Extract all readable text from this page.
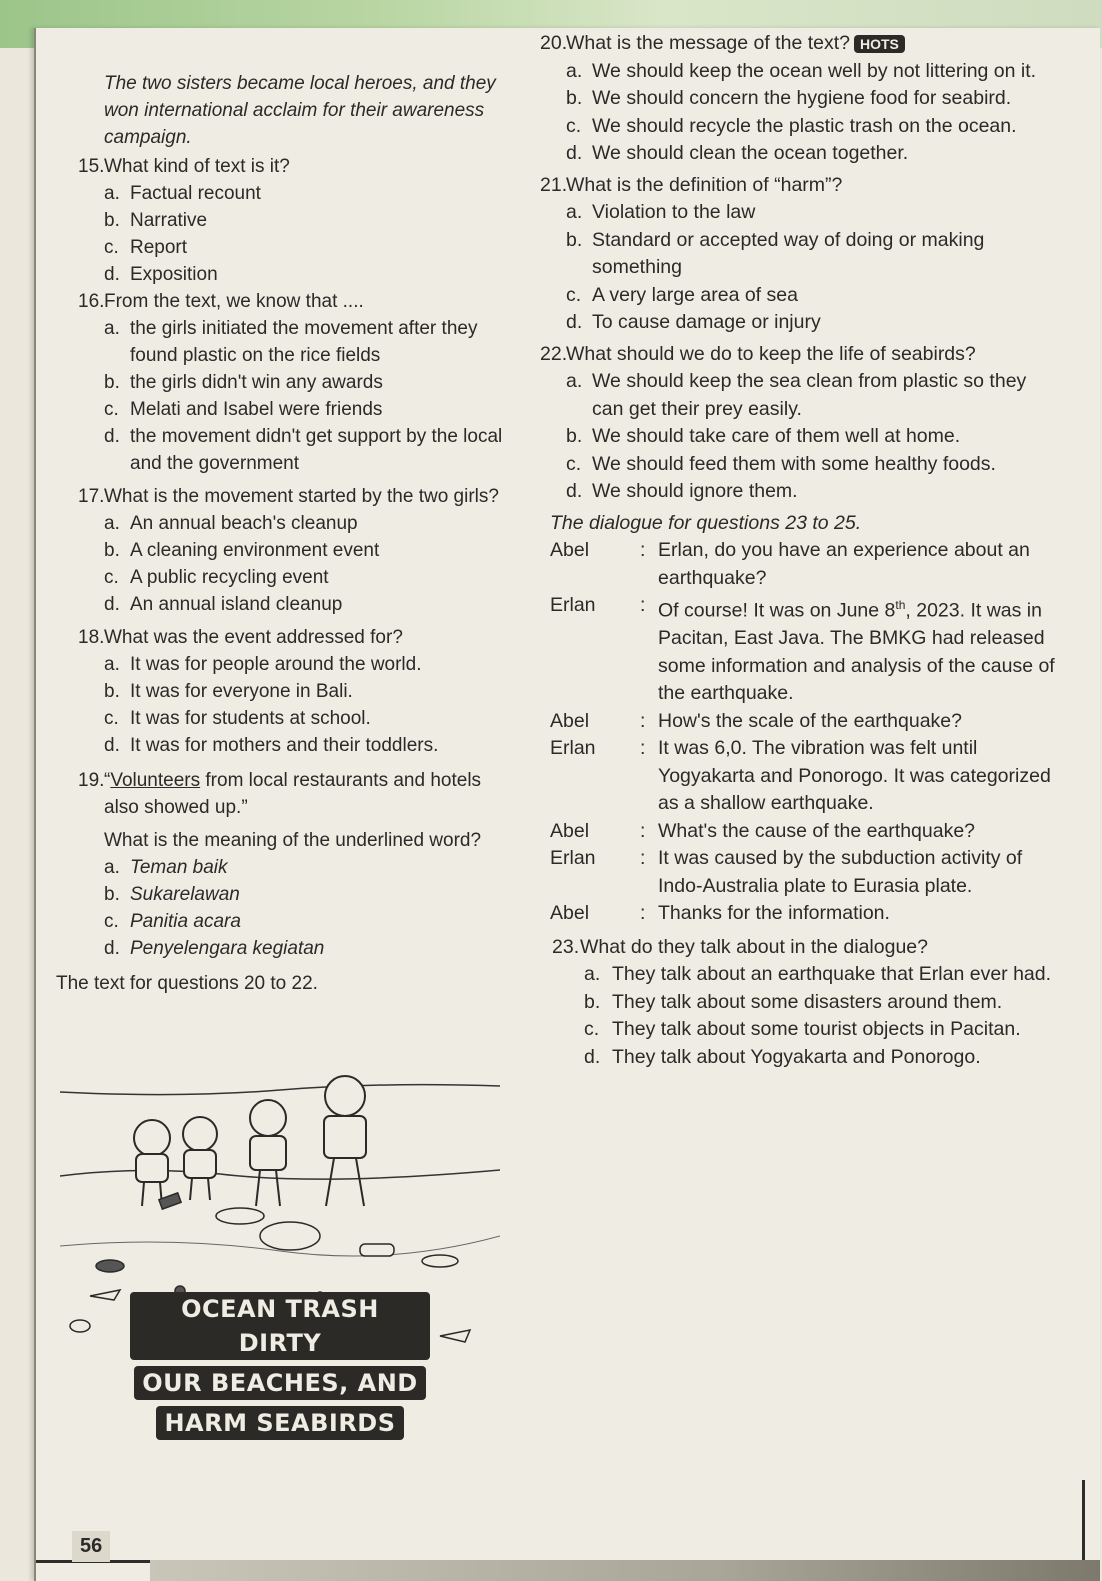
The two sisters became local heroes, and they won international acclaim for their awareness campaign.

15. What kind of text is it?
a. Factual recount
b. Narrative
c. Report
d. Exposition
16. From the text, we know that ....
a. the girls initiated the movement after they found plastic on the rice fields
b. the girls didn't win any awards
c. Melati and Isabel were friends
d. the movement didn't get support by the local and the government
17. What is the movement started by the two girls?
a. An annual beach's cleanup
b. A cleaning environment event
c. A public recycling event
d. An annual island cleanup
18. What was the event addressed for?
a. It was for people around the world.
b. It was for everyone in Bali.
c. It was for students at school.
d. It was for mothers and their toddlers.
19. “Volunteers from local restaurants and hotels also showed up.”
What is the meaning of the underlined word?
a. Teman baik
b. Sukarelawan
c. Panitia acara
d. Penyelengara kegiatan

The text for questions 20 to 22.

OCEAN TRASH DIRTY
OUR BEACHES, AND
HARM SEABIRDS
20.
What is the message of the text? HOTS
a. We should keep the ocean well by not littering on it.
b. We should concern the hygiene food for seabird.
c. We should recycle the plastic trash on the ocean.
d. We should clean the ocean together.
21.
What is the definition of “harm”?
a. Violation to the law
b. Standard or accepted way of doing or making something
c. A very large area of sea
d. To cause damage or injury
22.
What should we do to keep the life of seabirds?
a. We should keep the sea clean from plastic so they can get their prey easily.
b. We should take care of them well at home.
c. We should feed them with some healthy foods.
d. We should ignore them.

The dialogue for questions 23 to 25.

Abel	: Erlan, do you have an experience about an earthquake?
Erlan	: Of course! It was on June 8th, 2023. It was in Pacitan, East Java. The BMKG had released some information and analysis of the cause of the earthquake.
Abel	: How's the scale of the earthquake?
Erlan	: It was 6,0. The vibration was felt until Yogyakarta and Ponorogo. It was categorized as a shallow earthquake.
Abel	: What's the cause of the earthquake?
Erlan	: It was caused by the subduction activity of Indo-Australia plate to Eurasia plate.
Abel	: Thanks for the information.
23. What do they talk about in the dialogue?
a. They talk about an earthquake that Erlan ever had.
b. They talk about some disasters around them.
c. They talk about some tourist objects in Pacitan.
d. They talk about Yogyakarta and Ponorogo.
56
